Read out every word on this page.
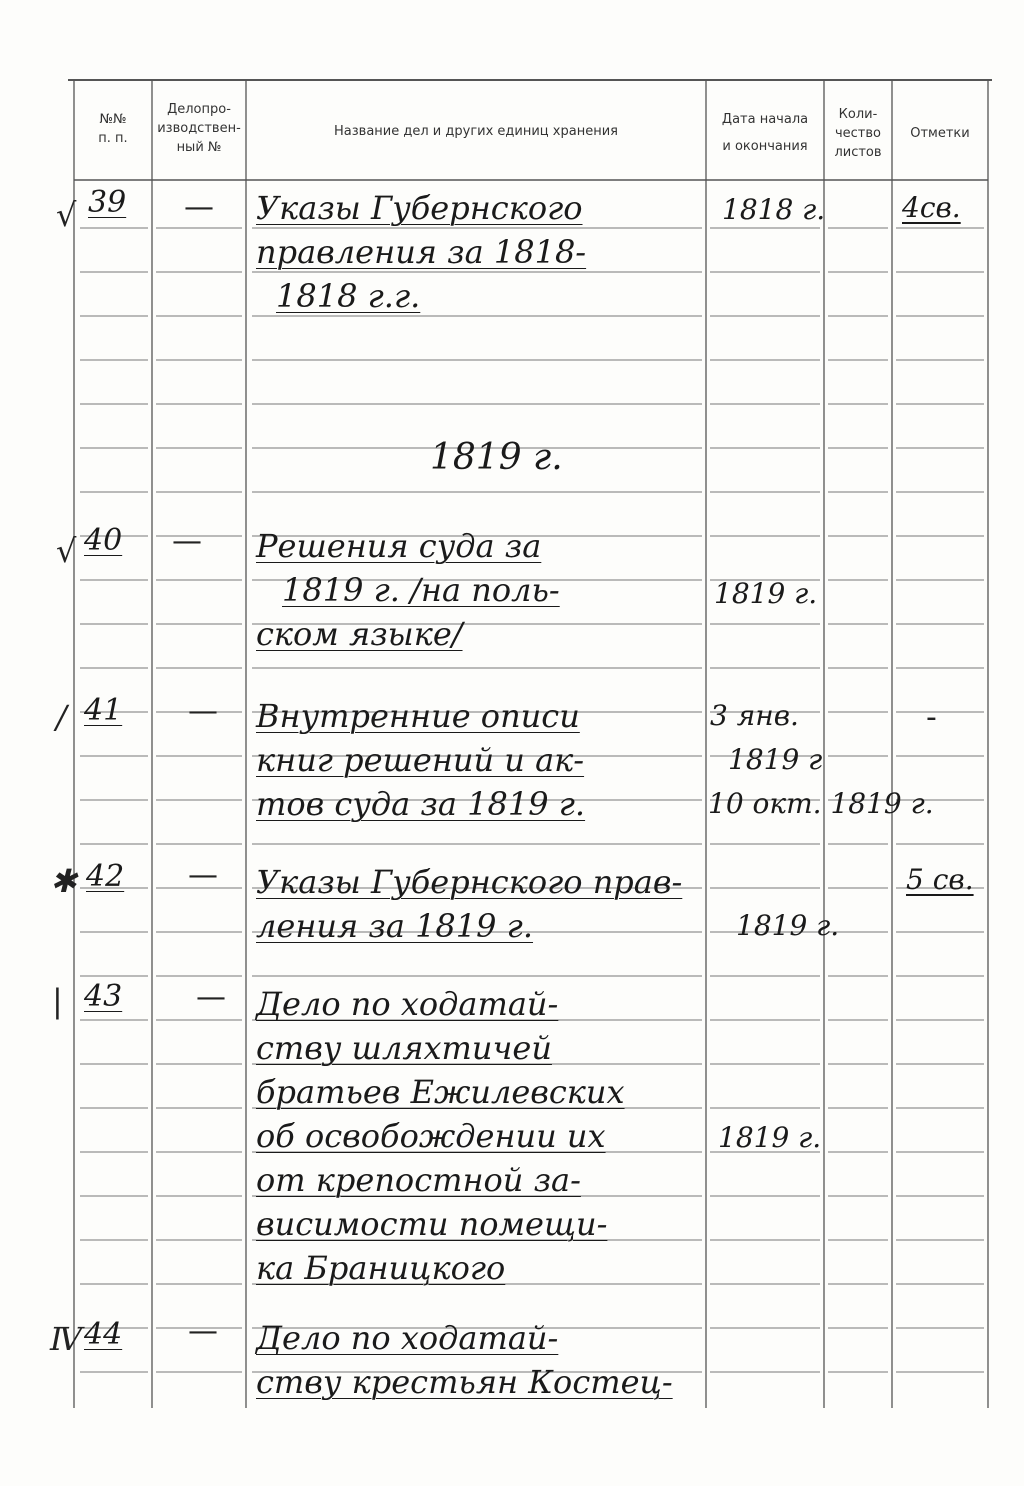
№№
п. п.
Делопро-
изводствен-
ный №
Название дел и других единиц хранения
Дата начала
и окончания
Коли-
чество
листов
Отметки
√ 39 — Указы Губернского
правления за 1818-
1818 г.г.
1818 г.	4св.
1819 г.
√ 40 — Решения суда за
1819 г. /на поль-
ском языке/
1819 г.
/ 41 — Внутренние описи
книг решений и ак-
тов суда за 1819 г.
3 янв.
1819 г
10 окт. 1819 г.
-
✱ 42 — Указы Губернского прав-
ления за 1819 г.	1819 г.
5 св.
| 43 — Дело по ходатай-
ству шляхтичей
братьев Ежилевских
об освобождении их
от крепостной за-
висимости помещи-
ка Браницкого
1819 г.
Ⅳ 44 — Дело по ходатай-
ству крестьян Костец-
